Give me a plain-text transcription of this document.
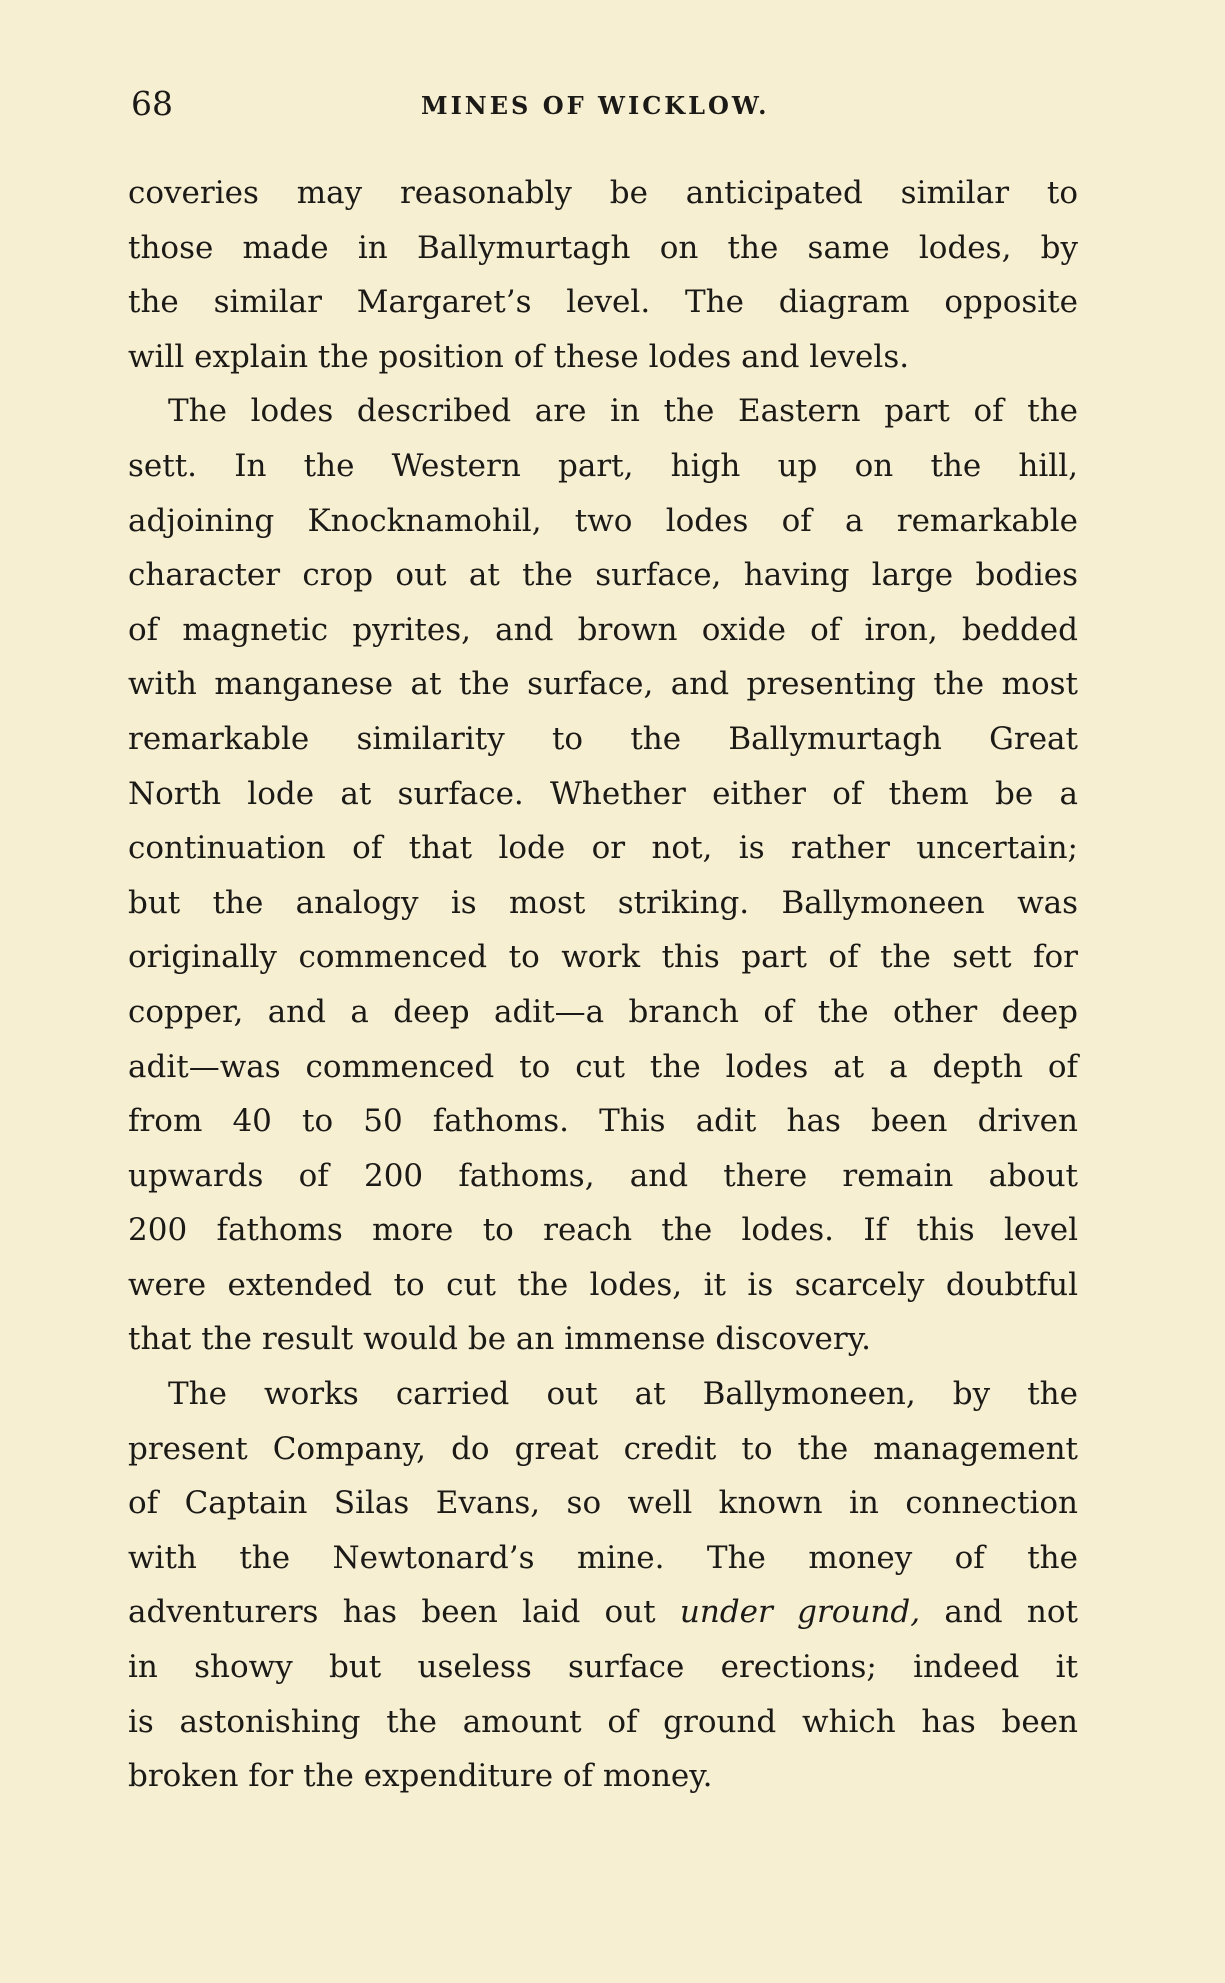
68	MINES OF WICKLOW.
coveries may reasonably be anticipated similar to
those made in Ballymurtagh on the same lodes, by
the similar Margaret’s level. The diagram opposite
will explain the position of these lodes and levels.
The lodes described are in the Eastern part of the
sett. In the Western part, high up on the hill,
adjoining Knocknamohil, two lodes of a remarkable
character crop out at the surface, having large bodies
of magnetic pyrites, and brown oxide of iron, bedded
with manganese at the surface, and presenting the most
remarkable similarity to the Ballymurtagh Great
North lode at surface. Whether either of them be a
continuation of that lode or not, is rather uncertain;
but the analogy is most striking. Ballymoneen was
originally commenced to work this part of the sett for
copper, and a deep adit—a branch of the other deep
adit—was commenced to cut the lodes at a depth of
from 40 to 50 fathoms. This adit has been driven
upwards of 200 fathoms, and there remain about
200 fathoms more to reach the lodes. If this level
were extended to cut the lodes, it is scarcely doubtful
that the result would be an immense discovery.
The works carried out at Ballymoneen, by the
present Company, do great credit to the management
of Captain Silas Evans, so well known in connection
with the Newtonard’s mine. The money of the
adventurers has been laid out under ground, and not
in showy but useless surface erections; indeed it
is astonishing the amount of ground which has been
broken for the expenditure of money.
